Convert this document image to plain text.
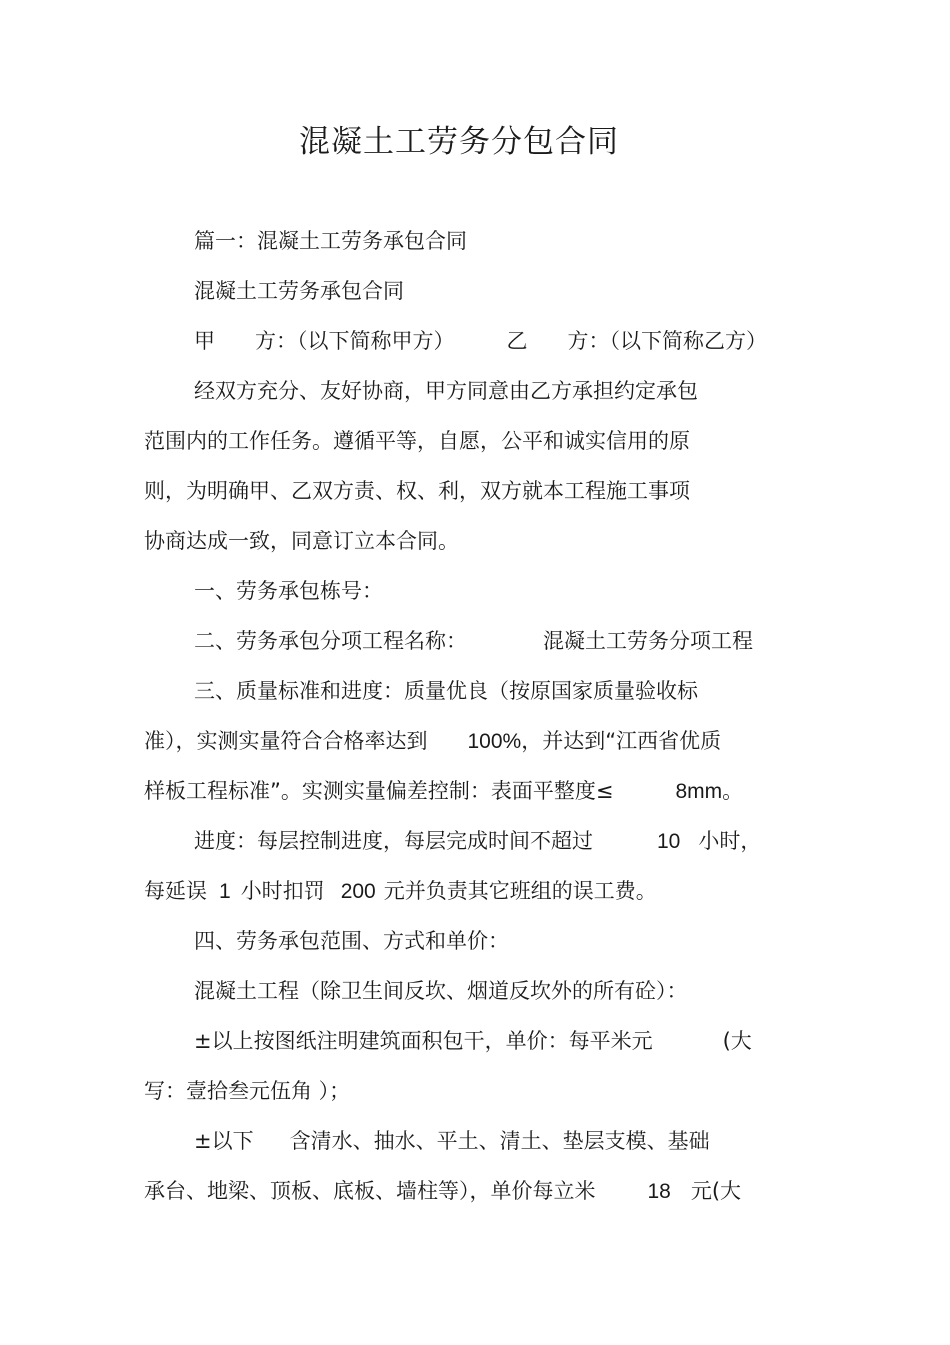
混凝土工劳务分包合同
篇一：混凝土工劳务承包合同
混凝土工劳务承包合同
甲 方：（以下简称甲方） 乙 方：（以下简称乙方）
经双方充分、友好协商，甲方同意由乙方承担约定承包
范围内的工作任务。遵循平等，自愿，公平和诚实信用的原
则，为明确甲、乙双方责、权、利，双方就本工程施工事项
协商达成一致，同意订立本合同。
一、劳务承包栋号：
二、劳务承包分项工程名称：	混凝土工劳务分项工程
三、质量标准和进度：质量优良（按原国家质量验收标
准），实测实量符合合格率达到 100%，并达到“江西省优质
样板工程标准”。实测实量偏差控制：表面平整度≤	8mm。
进度：每层控制进度，每层完成时间不超过	10 小时，
每延误 1 小时扣罚 200 元并负责其它班组的误工费。
四、劳务承包范围、方式和单价：
混凝土工程（除卫生间反坎、烟道反坎外的所有砼）：
±以上按图纸注明建筑面积包干，单价：每平米元	(大
写：壹拾叁元伍角 ）；
±以下 含清水、抽水、平土、清土、垫层支模、基础
承台、地梁、顶板、底板、墙柱等），单价每立米 18 元(大
